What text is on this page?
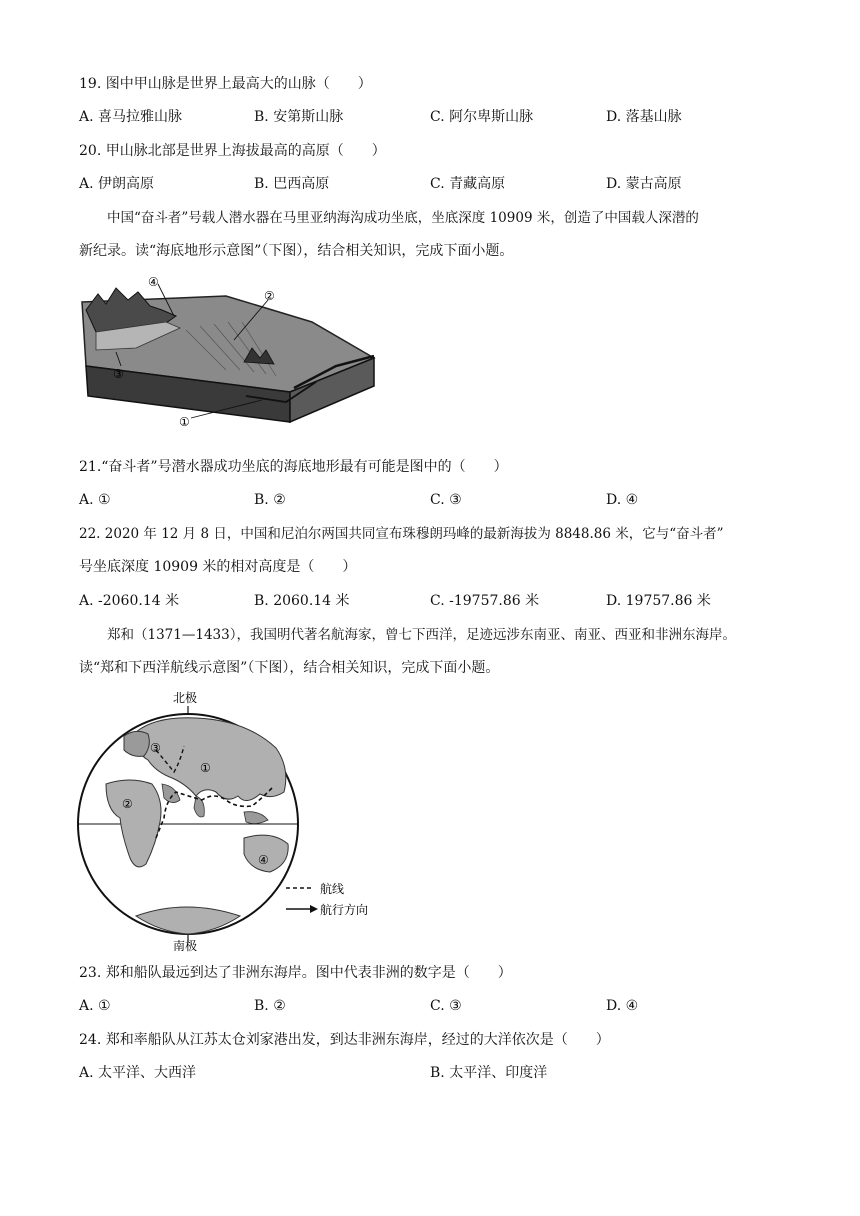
19. 图中甲山脉是世界上最高大的山脉（　　）
A. 喜马拉雅山脉	B. 安第斯山脉	C. 阿尔卑斯山脉	D. 落基山脉
20. 甲山脉北部是世界上海拔最高的高原（　　）
A. 伊朗高原	B. 巴西高原	C. 青藏高原	D. 蒙古高原
中国“奋斗者”号载人潜水器在马里亚纳海沟成功坐底，坐底深度 10909 米，创造了中国载人深潜的
新纪录。读“海底地形示意图”（下图），结合相关知识，完成下面小题。
④
②
③
①
21.“奋斗者”号潜水器成功坐底的海底地形最有可能是图中的（　　）
A. ①	B. ②	C. ③	D. ④
22. 2020 年 12 月 8 日，中国和尼泊尔两国共同宣布珠穆朗玛峰的最新海拔为 8848.86 米，它与“奋斗者”
号坐底深度 10909 米的相对高度是（　　）
A. -2060.14 米	B. 2060.14 米	C. -19757.86 米	D. 19757.86 米
郑和（1371—1433），我国明代著名航海家，曾七下西洋，足迹远涉东南亚、南亚、西亚和非洲东海岸。
读“郑和下西洋航线示意图”（下图），结合相关知识，完成下面小题。
①
②
③
④
北极
南极
航线
航行方向
23. 郑和船队最远到达了非洲东海岸。图中代表非洲的数字是（　　）
A. ①	B. ②	C. ③	D. ④
24. 郑和率船队从江苏太仓刘家港出发，到达非洲东海岸，经过的大洋依次是（　　）
A. 太平洋、大西洋	B. 太平洋、印度洋
